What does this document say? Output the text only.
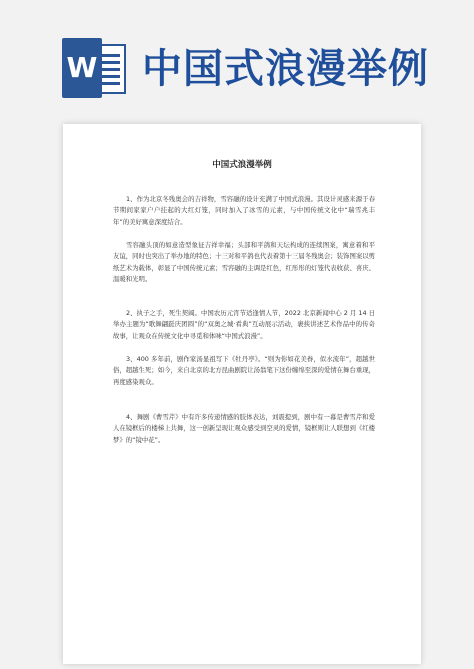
W 中国式浪漫举例
中国式浪漫举例

1、作为北京冬残奥会的吉祥物，雪容融的设计充满了中国式浪漫。其设计灵感来源于春节期间家家户户挂起的大红灯笼，同时加入了冰雪的元素，与中国传统文化中“瑞雪兆丰年”的美好寓意深度结合。

雪容融头顶的如意造型象征吉祥幸福；头部和平鸽和天坛构成的连续图案，寓意着和平友谊，同时也突出了举办地的特色；十三对和平鸽也代表着第十三届冬残奥会；装饰图案以剪纸艺术为载体，彰显了中国传统元素；雪容融的主调是红色，红彤彤的灯笼代表收获、喜庆、温暖和光明。

2、执子之手，死生契阔。中国农历元宵节适逢情人节，2022 北京新闻中心 2 月 14 日举办主题为“歌舞翩跹庆团圆”的“双奥之城·看典”互动展示活动，裹挟讲述艺术作品中的传奇故事，让观众在传统文化中寻觅和体味“中国式浪漫”。

3、400 多年前，剧作家汤显祖写下《牡丹亭》。“则为你如花美眷，似水流年”，超越世俗，超越生死；如今，来自北京的北方昆曲剧院让汤翁笔下这份缠绵至深的爱情在舞台重现，再度感染观众。

4、舞剧《曹雪芹》中有许多传递情感的肢体表达，刘震提到，剧中有一幕是曹雪芹和爱人在镜框后的楼梯上共舞，这一创新呈现让观众感受到空灵的爱情，镜框则让人联想到《红楼梦》的“镜中花”。
